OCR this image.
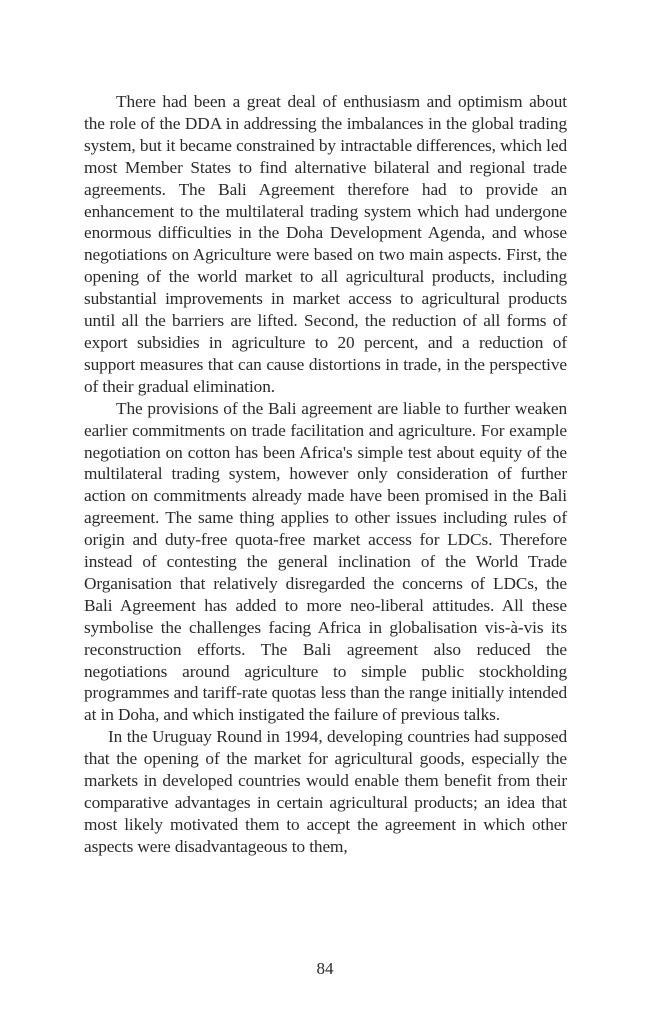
There had been a great deal of enthusiasm and optimism about the role of the DDA in addressing the imbalances in the global trading system, but it became constrained by intractable differences, which led most Member States to find alternative bilateral and regional trade agreements. The Bali Agreement therefore had to provide an enhancement to the multilateral trading system which had undergone enormous difficulties in the Doha Development Agenda, and whose negotiations on Agriculture were based on two main aspects. First, the opening of the world market to all agricultural products, including substantial improvements in market access to agricultural products until all the barriers are lifted. Second, the reduction of all forms of export subsidies in agriculture to 20 percent, and a reduction of support measures that can cause distortions in trade, in the perspective of their gradual elimination.

The provisions of the Bali agreement are liable to further weaken earlier commitments on trade facilitation and agriculture. For example negotiation on cotton has been Africa's simple test about equity of the multilateral trading system, however only consideration of further action on commitments already made have been promised in the Bali agreement. The same thing applies to other issues including rules of origin and duty-free quota-free market access for LDCs. Therefore instead of contesting the general inclination of the World Trade Organisation that relatively disregarded the concerns of LDCs, the Bali Agreement has added to more neo-liberal attitudes. All these symbolise the challenges facing Africa in globalisation vis-à-vis its reconstruction efforts. The Bali agreement also reduced the negotiations around agriculture to simple public stockholding programmes and tariff-rate quotas less than the range initially intended at in Doha, and which instigated the failure of previous talks.

In the Uruguay Round in 1994, developing countries had supposed that the opening of the market for agricultural goods, especially the markets in developed countries would enable them benefit from their comparative advantages in certain agricultural products; an idea that most likely motivated them to accept the agreement in which other aspects were disadvantageous to them,

84
